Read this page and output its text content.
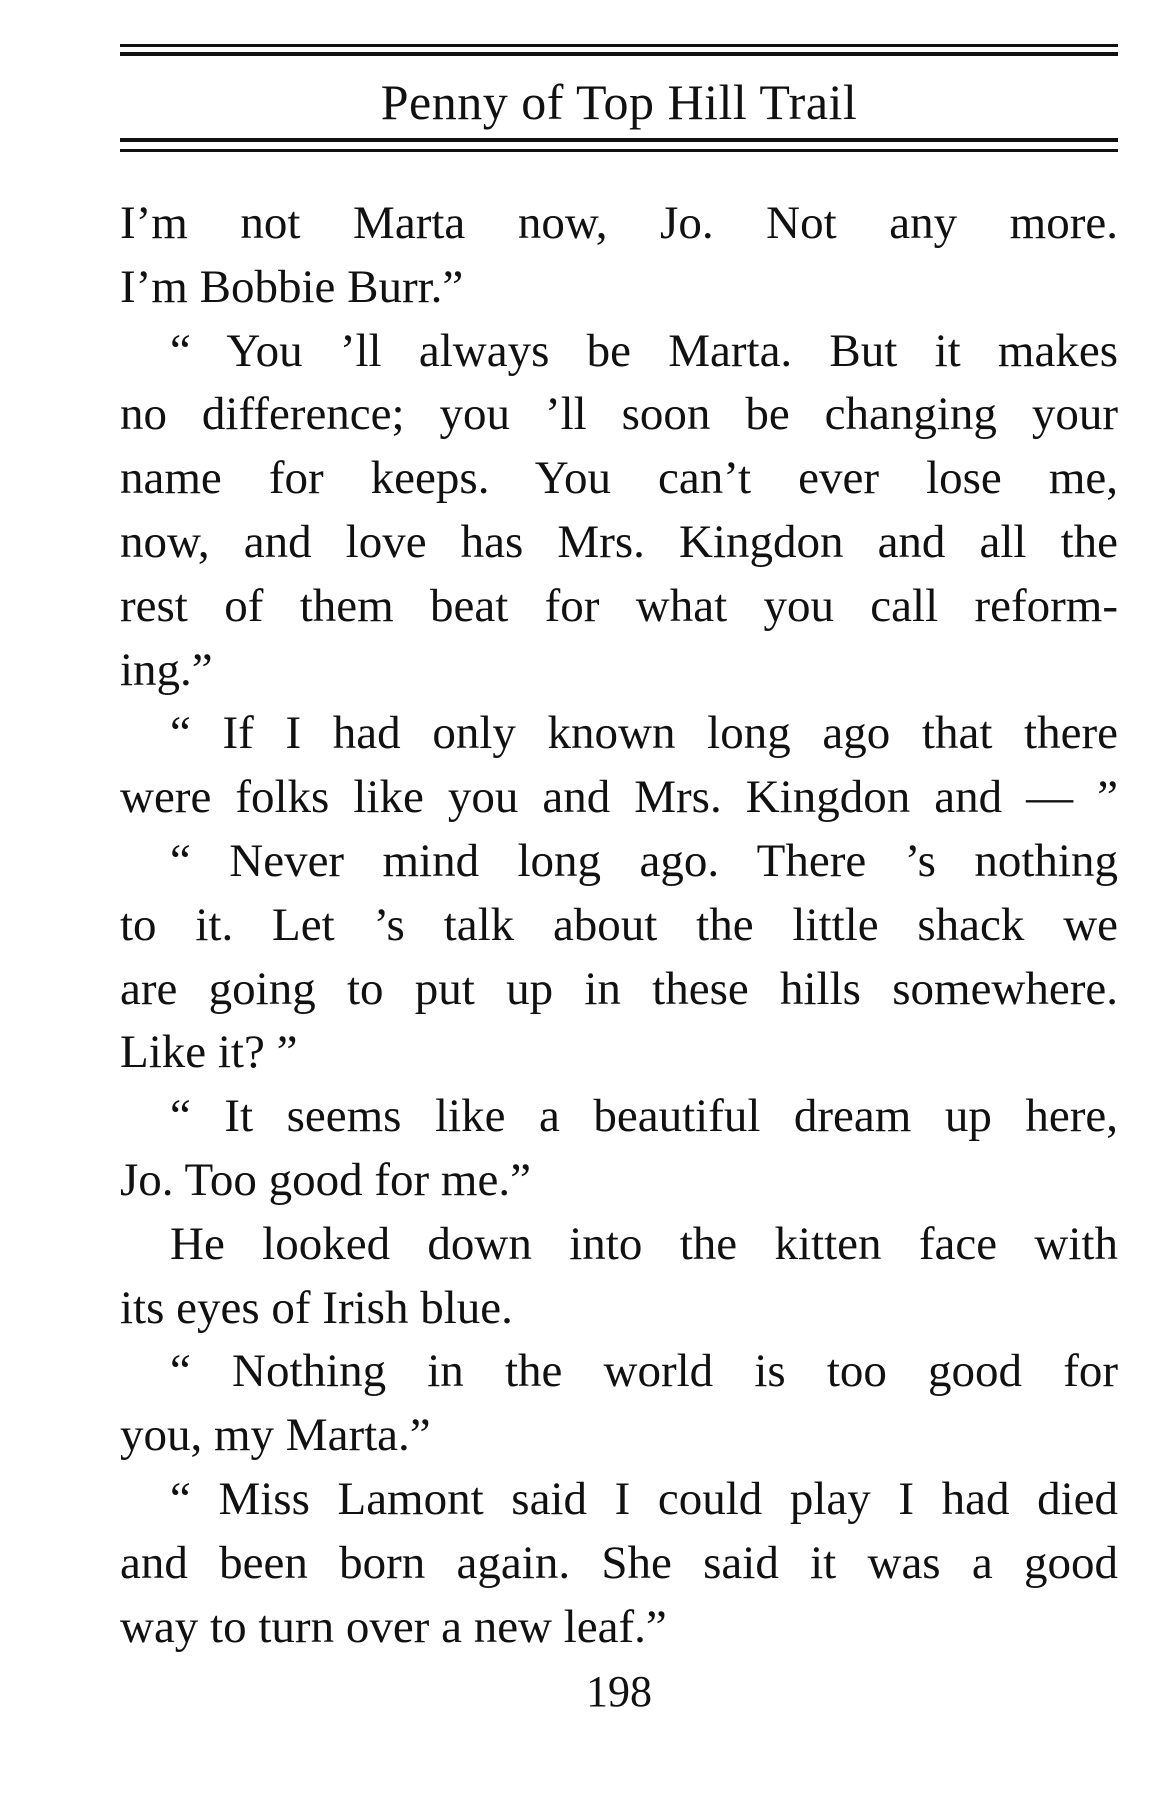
Penny of Top Hill Trail
I’m not Marta now, Jo. Not any more.
I’m Bobbie Burr.”
“ You ’ll always be Marta. But it makes
no difference; you ’ll soon be changing your
name for keeps. You can’t ever lose me,
now, and love has Mrs. Kingdon and all the
rest of them beat for what you call reform-
ing.”
“ If I had only known long ago that there
were folks like you and Mrs. Kingdon and — ”
“ Never mind long ago. There ’s nothing
to it. Let ’s talk about the little shack we
are going to put up in these hills somewhere.
Like it? ”
“ It seems like a beautiful dream up here,
Jo. Too good for me.”
He looked down into the kitten face with
its eyes of Irish blue.
“ Nothing in the world is too good for
you, my Marta.”
“ Miss Lamont said I could play I had died
and been born again. She said it was a good
way to turn over a new leaf.”
198
